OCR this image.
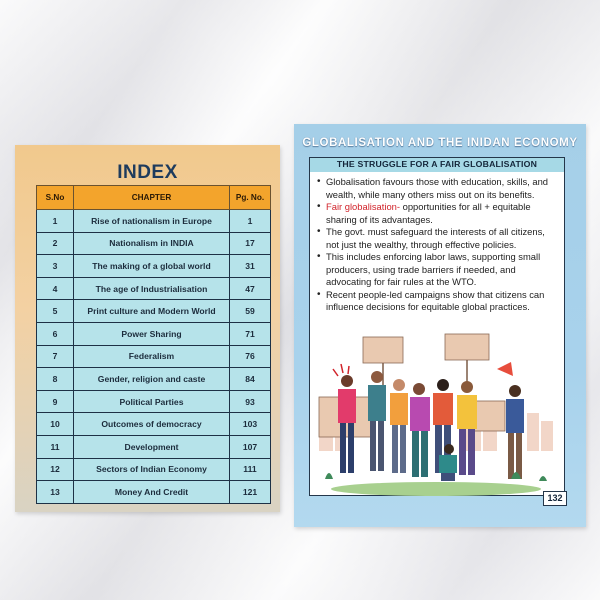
INDEX
S.No	CHAPTER	Pg. No.
1	Rise of nationalism in Europe	1
2	Nationalism in INDIA	17
3	The making of a global world	31
4	The age of Industrialisation	47
5	Print culture and Modern World	59
6	Power Sharing	71
7	Federalism	76
8	Gender, religion and caste	84
9	Political Parties	93
10	Outcomes of democracy	103
11	Development	107
12	Sectors of Indian Economy	111
13	Money And Credit	121
GLOBALISATION AND THE INIDAN ECONOMY
THE STRUGGLE FOR A FAIR GLOBALISATION
• Globalisation favours those with education, skills, and wealth, while many others miss out on its benefits.
• Fair globalisation- opportunities for all + equitable sharing of its advantages.
• The govt. must safeguard the interests of all citizens, not just the wealthy, through effective policies.
• This includes enforcing labor laws, supporting small producers, using trade barriers if needed, and advocating for fair rules at the WTO.
• Recent people-led campaigns show that citizens can influence decisions for equitable global practices.
132
